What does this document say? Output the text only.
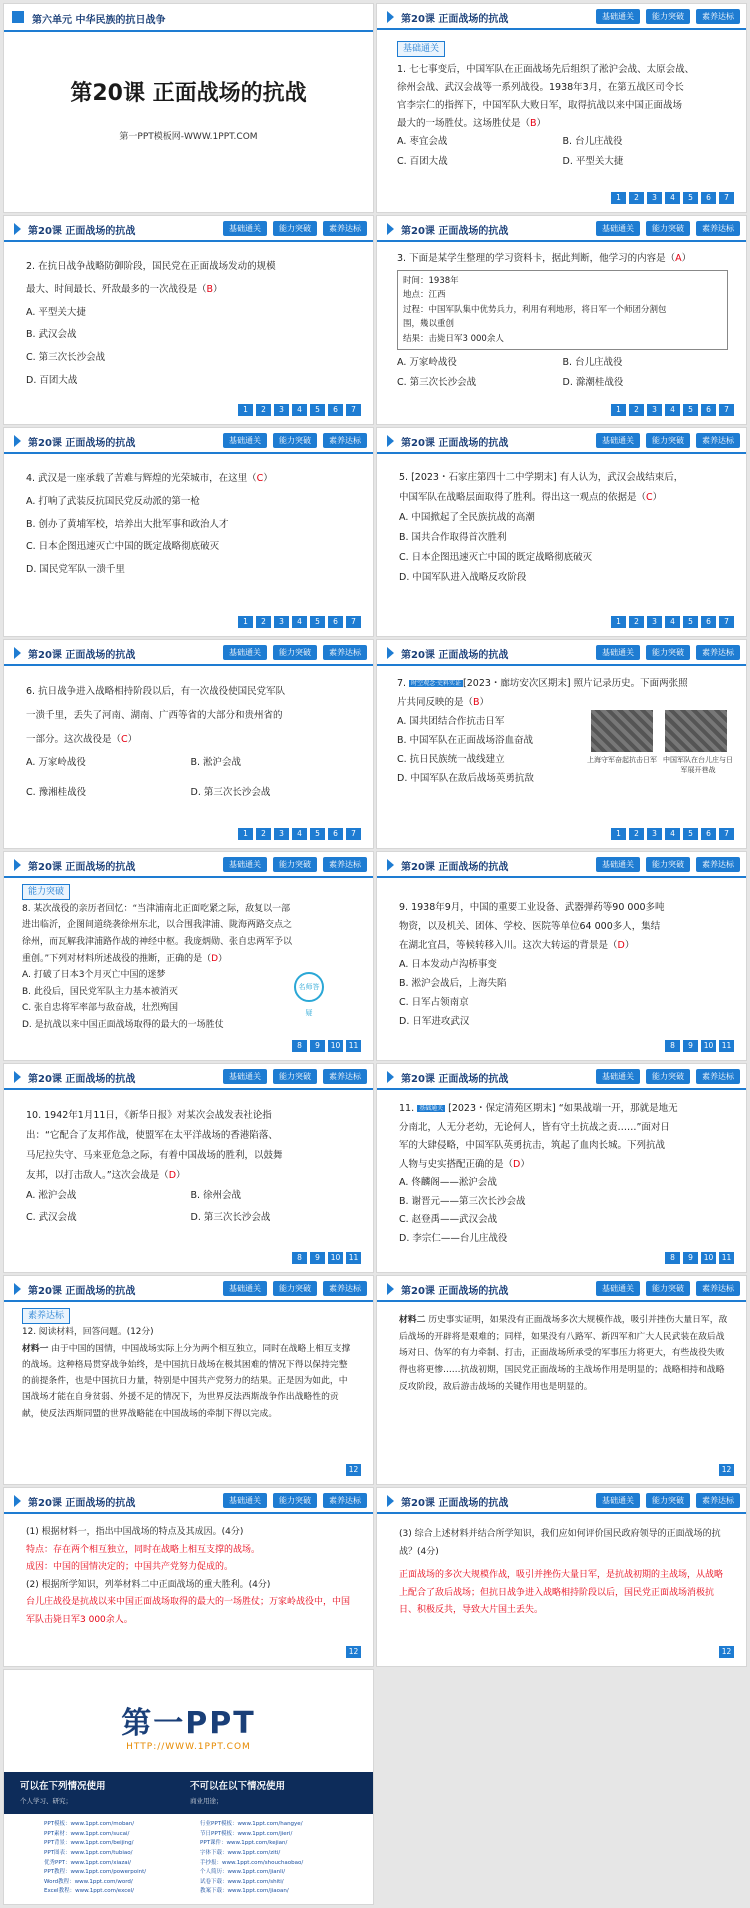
第六单元 中华民族的抗日战争
第20课 正面战场的抗战
第一PPT模板网-WWW.1PPT.COM
第20课 正面战场的抗战	基础通关	能力突破	素养达标
基础通关

1. 七七事变后，中国军队在正面战场先后组织了淞沪会战、太原会战、

徐州会战、武汉会战等一系列战役。1938年3月，在第五战区司令长

官李宗仁的指挥下，中国军队大败日军，取得抗战以来中国正面战场

最大的一场胜仗。这场胜仗是（B）

A. 枣宜会战	B. 台儿庄战役
C. 百团大战	D. 平型关大捷
1	2	3	4	5	6	7
第20课 正面战场的抗战	基础通关	能力突破	素养达标

2. 在抗日战争战略防御阶段，国民党在正面战场发动的规模

最大、时间最长、歼敌最多的一次战役是（B）

A. 平型关大捷

B. 武汉会战

C. 第三次长沙会战

D. 百团大战

1	2	3	4	5	6	7
第20课 正面战场的抗战	基础通关	能力突破	素养达标

3. 下面是某学生整理的学习资料卡，据此判断，他学习的内容是（A）

时间：1938年
地点：江西
过程：中国军队集中优势兵力，利用有利地形，将日军一个师团分割包
围，幾以重创
结果：击毙日军3 000余人
A. 万家岭战役	B. 台儿庄战役
C. 第三次长沙会战	D. 滁潮桂战役
1	2	3	4	5	6	7
第20课 正面战场的抗战	基础通关	能力突破	素养达标

4. 武汉是一座承载了苦难与辉煌的光荣城市，在这里（C）

A. 打响了武装反抗国民党反动派的第一枪

B. 创办了黄埔军校，培养出大批军事和政治人才

C. 日本企图迅速灭亡中国的既定战略彻底破灭

D. 国民党军队一溃千里

1	2	3	4	5	6	7
第20课 正面战场的抗战	基础通关	能力突破	素养达标

5. [2023・石家庄第四十二中学期末] 有人认为，武汉会战结束后，

中国军队在战略层面取得了胜利。得出这一观点的依据是（C）

A. 中国掀起了全民族抗战的高潮

B. 国共合作取得首次胜利

C. 日本企图迅速灭亡中国的既定战略彻底破灭

D. 中国军队进入战略反攻阶段

1	2	3	4	5	6	7
第20课 正面战场的抗战	基础通关	能力突破	素养达标

6. 抗日战争进入战略相持阶段以后，有一次战役使国民党军队

一溃千里，丢失了河南、湖南、广西等省的大部分和贵州省的

一部分。这次战役是（C）

A. 万家岭战役	B. 淞沪会战
C. 豫湘桂战役	D. 第三次长沙会战
1	2	3	4	5	6	7
第20课 正面战场的抗战	基础通关	能力突破	素养达标

7. 时空观念·史料实证 [2023・廊坊安次区期末] 照片记录历史。下面两张照

片共同反映的是（B）

A. 国共团结合作抗击日军

B. 中国军队在正面战场浴血奋战

C. 抗日民族统一战线建立

D. 中国军队在敌后战场英勇抗敌

上海守军奋起抗击日军 中国军队在台儿庄与日军展开巷战
1	2	3	4	5	6	7
第20课 正面战场的抗战	基础通关	能力突破	素养达标
能力突破

8. 某次战役的亲历者回忆：“当津浦南北正面吃紧之际，敌复以一部

进出临沂，企图间道绕袭徐州东北，以合围我津浦、陇海两路交点之

徐州，而瓦解我津浦路作战的神经中枢。我庞炳勋、张自忠两军予以

重创。”下列对材料所述战役的推断，正确的是（D）

A. 打破了日本3个月灭亡中国的迷梦

B. 此役后，国民党军队主力基本被消灭

C. 张自忠将军率部与敌奋战，壮烈殉国

D. 是抗战以来中国正面战场取得的最大的一场胜仗

名师答疑
8	9	10	11
第20课 正面战场的抗战	基础通关	能力突破	素养达标

9. 1938年9月，中国的重要工业设备、武器弹药等90 000多吨

物资，以及机关、团体、学校、医院等单位64 000多人，集结

在湖北宜昌，等候转移入川。这次大转运的背景是（D）

A. 日本发动卢沟桥事变

B. 淞沪会战后，上海失陷

C. 日军占领南京

D. 日军进攻武汉

8	9	10	11
第20课 正面战场的抗战	基础通关	能力突破	素养达标

10. 1942年1月11日，《新华日报》对某次会战发表社论指

出：“它配合了友邦作战，使盟军在太平洋战场的香港陷落、

马尼拉失守、马来亚危急之际，有着中国战场的胜利，以鼓舞

友邦，以打击敌人。”这次会战是（D）

A. 淞沪会战	B. 徐州会战
C. 武汉会战	D. 第三次长沙会战
8	9	10	11
第20课 正面战场的抗战	基础通关	能力突破	素养达标

11. 基础通关 [2023・保定清苑区期末] “如果战端一开，那就是地无

分南北，人无分老幼，无论何人，皆有守土抗战之责……”面对日

军的大肆侵略，中国军队英勇抗击，筑起了血肉长城。下列抗战

人物与史实搭配正确的是（D）

A. 佟麟阁——淞沪会战

B. 谢晋元——第三次长沙会战

C. 赵登禹——武汉会战

D. 李宗仁——台儿庄战役

8	9	10	11
第20课 正面战场的抗战	基础通关	能力突破	素养达标
素养达标

12. 阅读材料，回答问题。(12分)

材料一 由于中国的国情，中国战场实际上分为两个相互独立，同时在战略上相互支撑的战场。这种格局贯穿战争始终，是中国抗日战场在极其困难的情况下得以保持完整的前提条件，也是中国抗日力量，特别是中国共产党努力的结果。正是因为如此，中国战场才能在自身贫弱、外援不足的情况下，为世界反法西斯战争作出战略性的贡献，使反法西斯同盟的世界战略能在中国战场的牵制下得以完成。

12
第20课 正面战场的抗战	基础通关	能力突破	素养达标

材料二 历史事实证明，如果没有正面战场多次大规模作战，吸引并挫伤大量日军，敌后战场的开辟将是艰难的；同样，如果没有八路军、新四军和广大人民武装在敌后战场对日、伪军的有力牵制、打击，正面战场所承受的军事压力将更大，有些战役失败得也将更惨……抗战初期，国民党正面战场的主战场作用是明显的；战略相持和战略反攻阶段，敌后游击战场的关键作用也是明显的。

12
第20课 正面战场的抗战	基础通关	能力突破	素养达标

(1) 根据材料一，指出中国战场的特点及其成因。(4分)

特点：存在两个相互独立，同时在战略上相互支撑的战场。

成因：中国的国情决定的；中国共产党努力促成的。

(2) 根据所学知识，列举材料二中正面战场的重大胜利。(4分)

台儿庄战役是抗战以来中国正面战场取得的最大的一场胜仗；万家岭战役中，中国军队击毙日军3 000余人。

12
第20课 正面战场的抗战	基础通关	能力突破	素养达标

(3) 综合上述材料并结合所学知识，我们应如何评价国民政府领导的正面战场的抗战？(4分)

正面战场的多次大规模作战，吸引并挫伤大量日军，是抗战初期的主战场，从战略上配合了敌后战场；但抗日战争进入战略相持阶段以后，国民党正面战场消极抗日、积极反共，导致大片国土丢失。

12
第一PPT
HTTP://WWW.1PPT.COM
可以在下列情况使用
个人学习、研究；
不可以在以下情况使用
商业用途；
PPT模板：www.1ppt.com/moban/
PPT素材：www.1ppt.com/sucai/
PPT背景：www.1ppt.com/beijing/
PPT图表：www.1ppt.com/tubiao/
优秀PPT：www.1ppt.com/xiazai/
PPT教程：www.1ppt.com/powerpoint/
Word教程：www.1ppt.com/word/
Excel教程：www.1ppt.com/excel/
行业PPT模板：www.1ppt.com/hangye/
节日PPT模板：www.1ppt.com/jieri/
PPT课件：www.1ppt.com/kejian/
字体下载：www.1ppt.com/ziti/
手抄报：www.1ppt.com/shouchaobao/
个人简历：www.1ppt.com/jianli/
试卷下载：www.1ppt.com/shiti/
教案下载：www.1ppt.com/jiaoan/
